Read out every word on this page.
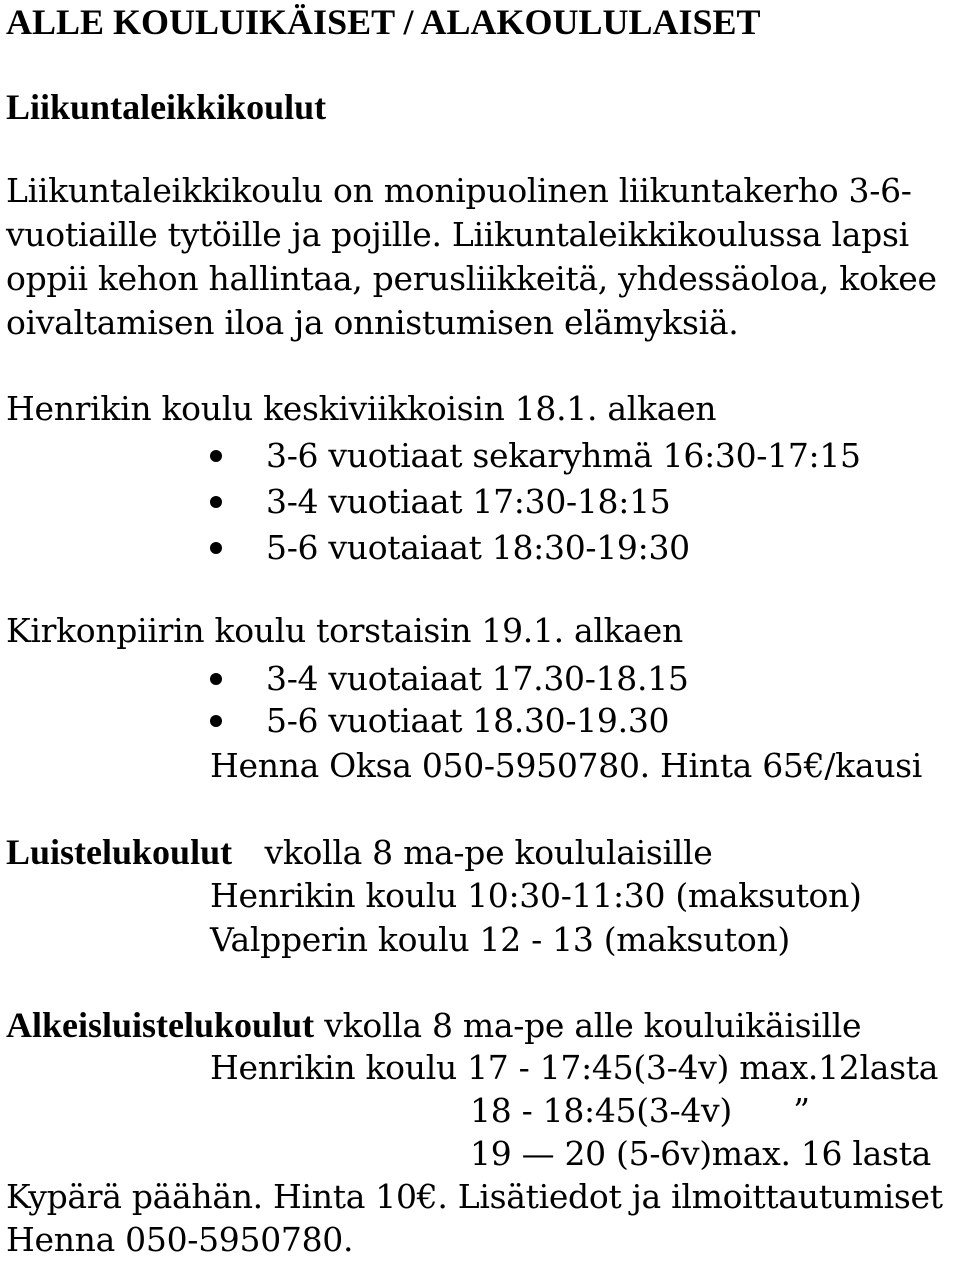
ALLE KOULUIKÄISET / ALAKOULULAISET
Liikuntaleikkikoulut
Liikuntaleikkikoulu on monipuolinen liikuntakerho 3-6-
vuotiaille tytöille ja pojille. Liikuntaleikkikoulussa lapsi
oppii kehon hallintaa, perusliikkeitä, yhdessäoloa, kokee
oivaltamisen iloa ja onnistumisen elämyksiä.
Henrikin koulu keskiviikkoisin 18.1. alkaen
3-6 vuotiaat sekaryhmä 16:30-17:15
3-4 vuotiaat 17:30-18:15
5-6 vuotaiaat 18:30-19:30
Kirkonpiirin koulu torstaisin 19.1. alkaen
3-4 vuotaiaat 17.30-18.15
5-6 vuotiaat 18.30-19.30
Henna Oksa 050-5950780. Hinta 65€/kausi
Luistelukoulut vkolla 8 ma-pe koululaisille
Henrikin koulu 10:30-11:30 (maksuton)
Valpperin koulu 12 - 13 (maksuton)
Alkeisluistelukoulut vkolla 8 ma-pe alle kouluikäisille
Henrikin koulu 17 - 17:45(3-4v) max.12lasta
18 - 18:45(3-4v)      ”
19 — 20 (5-6v)max. 16 lasta
Kypärä päähän. Hinta 10€. Lisätiedot ja ilmoittautumiset
Henna 050-5950780.
